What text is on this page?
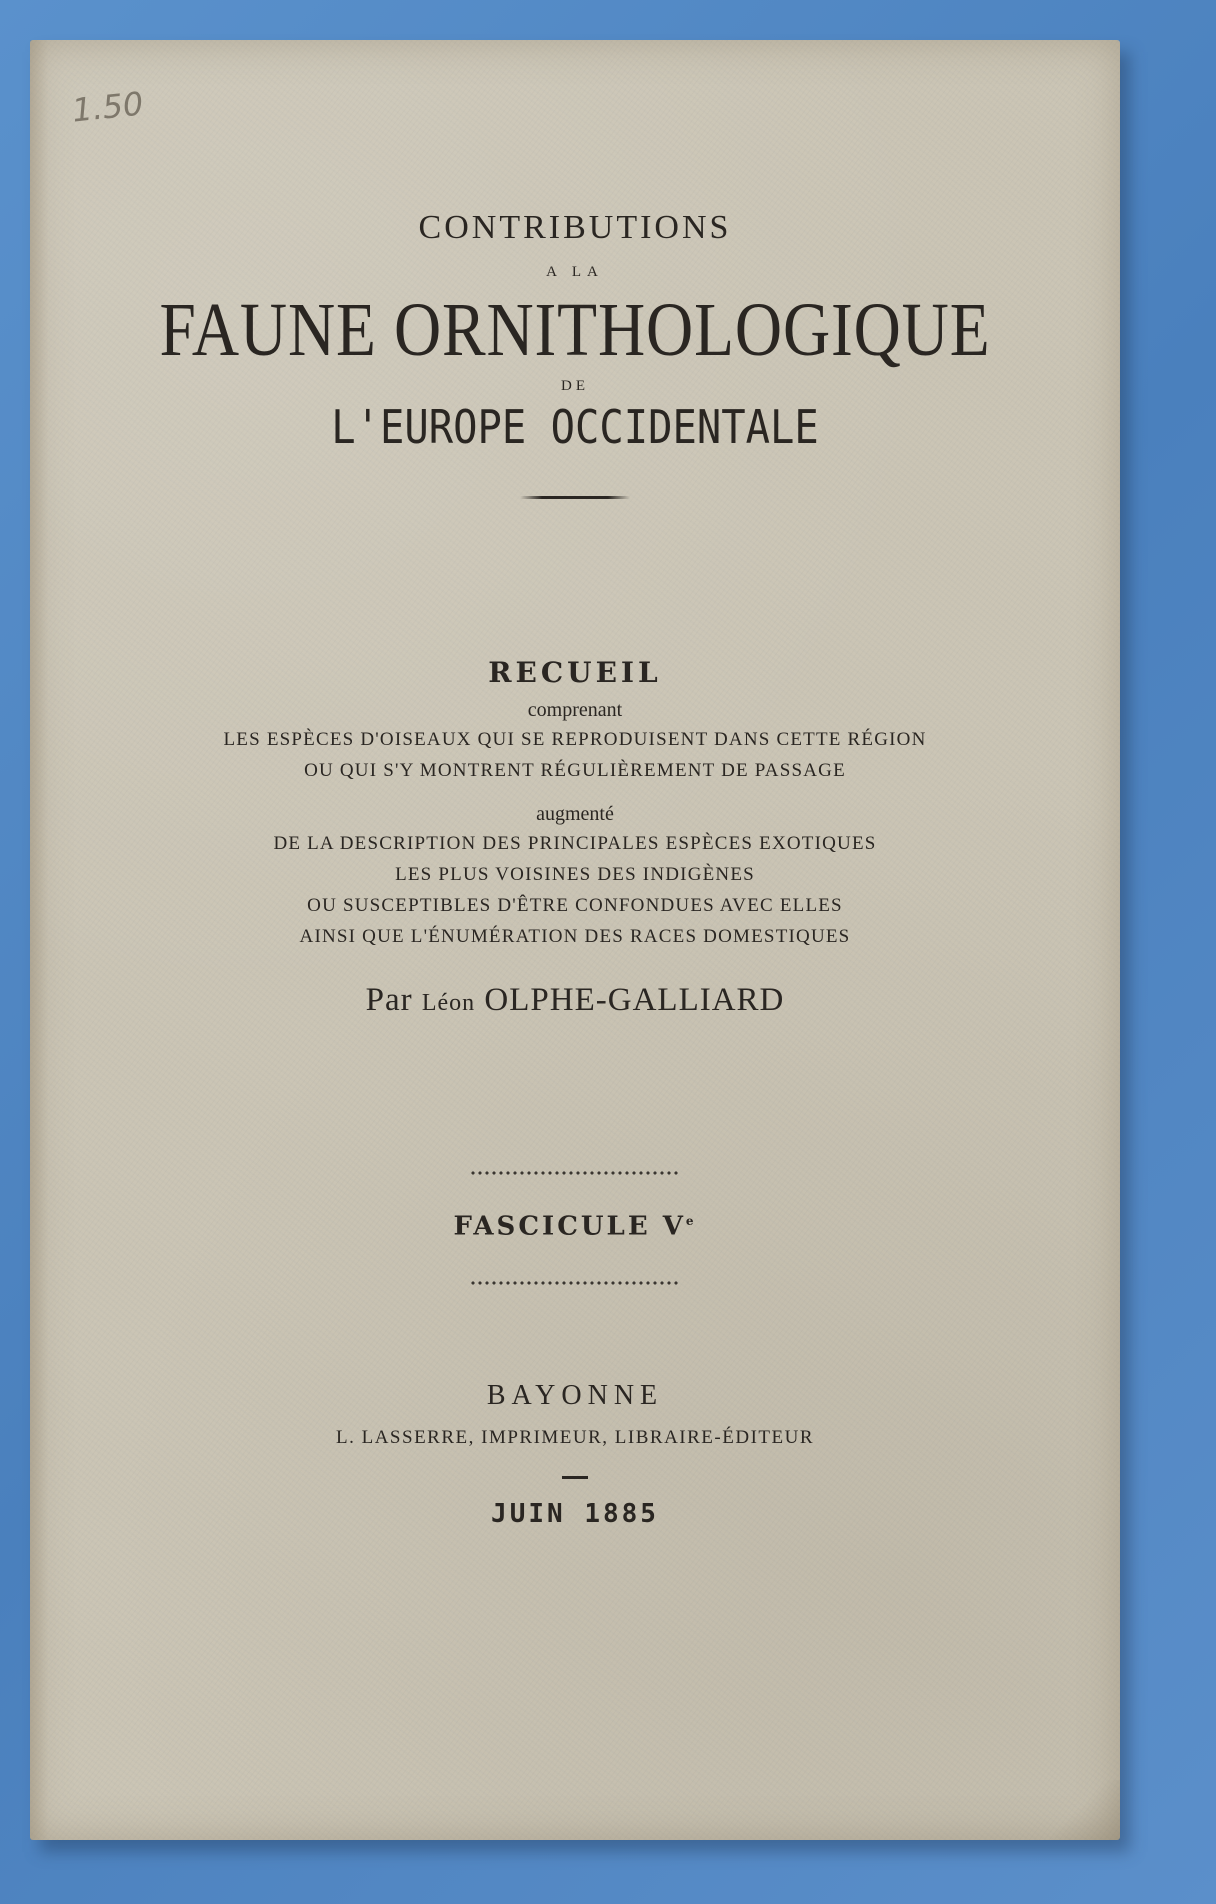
1.50
CONTRIBUTIONS
A LA
FAUNE ORNITHOLOGIQUE
DE
L'EUROPE OCCIDENTALE
RECUEIL
comprenant
LES ESPÈCES D'OISEAUX QUI SE REPRODUISENT DANS CETTE RÉGION
OU QUI S'Y MONTRENT RÉGULIÈREMENT DE PASSAGE
augmenté
DE LA DESCRIPTION DES PRINCIPALES ESPÈCES EXOTIQUES
LES PLUS VOISINES DES INDIGÈNES
OU SUSCEPTIBLES D'ÊTRE CONFONDUES AVEC ELLES
AINSI QUE L'ÉNUMÉRATION DES RACES DOMESTIQUES
Par Léon OLPHE-GALLIARD
FASCICULE Ve
BAYONNE
L. LASSERRE, IMPRIMEUR, LIBRAIRE-ÉDITEUR
JUIN 1885
